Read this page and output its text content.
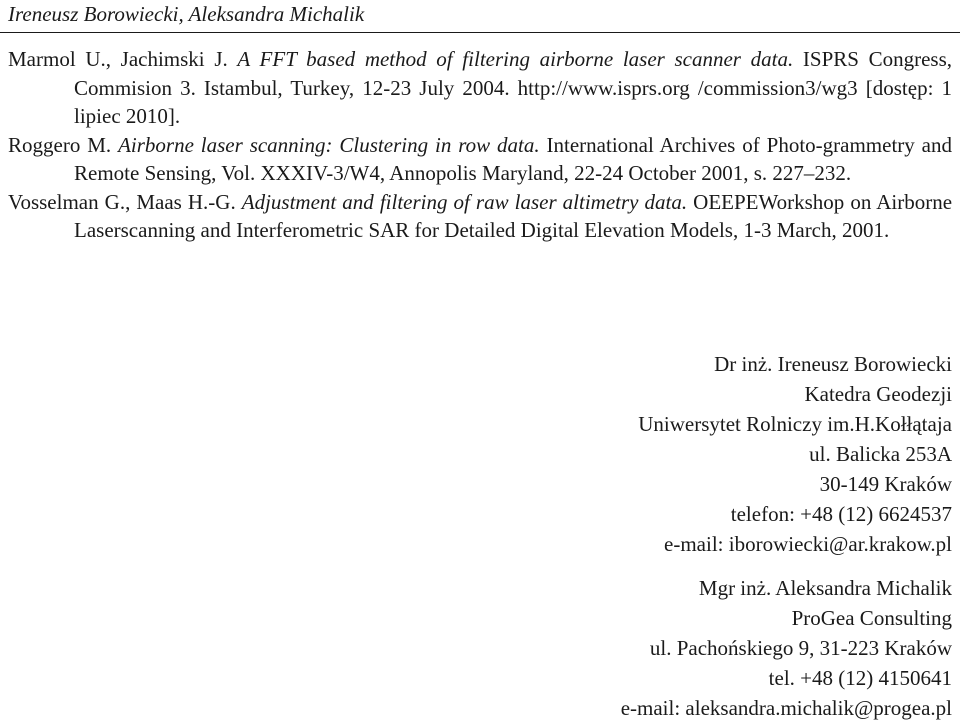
Ireneusz Borowiecki, Aleksandra Michalik

Marmol U., Jachimski J. A FFT based method of filtering airborne laser scanner data. ISPRS Congress, Commision 3. Istambul, Turkey, 12-23 July 2004. http://www.isprs.org /commission3/wg3 [dostęp: 1 lipiec 2010].

Roggero M. Airborne laser scanning: Clustering in row data. International Archives of Photo-grammetry and Remote Sensing, Vol. XXXIV-3/W4, Annopolis Maryland, 22-24 October 2001, s. 227–232.

Vosselman G., Maas H.-G. Adjustment and filtering of raw laser altimetry data. OEEPEWorkshop on Airborne Laserscanning and Interferometric SAR for Detailed Digital Elevation Models, 1-3 March, 2001.

Dr inż. Ireneusz Borowiecki
Katedra Geodezji
Uniwersytet Rolniczy im.H.Kołłątaja
ul. Balicka 253A
30-149 Kraków
telefon: +48 (12) 6624537
e-mail: iborowiecki@ar.krakow.pl
Mgr inż. Aleksandra Michalik
ProGea Consulting
ul. Pachońskiego 9, 31-223 Kraków
tel. +48 (12) 4150641
e-mail: aleksandra.michalik@progea.pl
